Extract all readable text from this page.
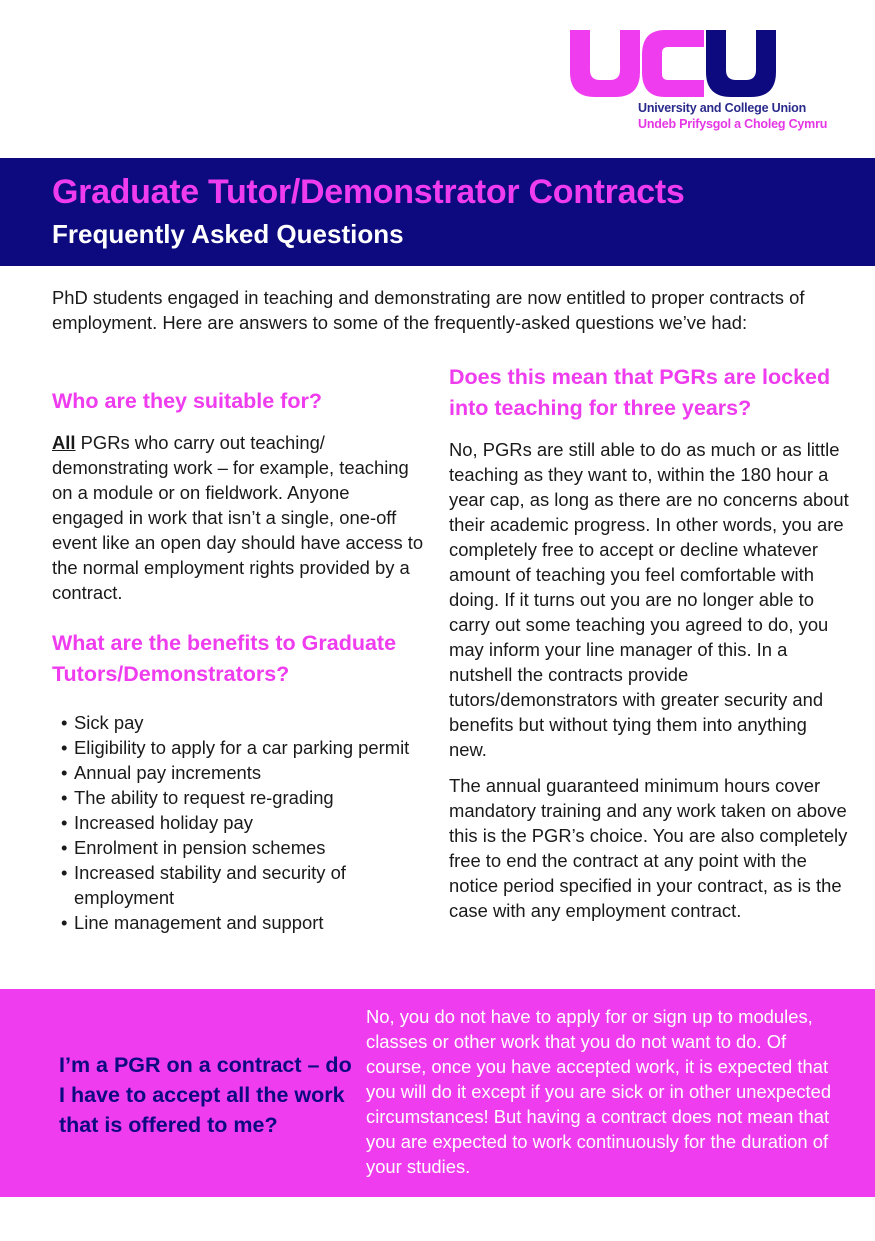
University and College Union
Undeb Prifysgol a Choleg Cymru
Graduate Tutor/Demonstrator Contracts
Frequently Asked Questions

PhD students engaged in teaching and demonstrating are now entitled to proper contracts of employment. Here are answers to some of the frequently-asked questions we’ve had:

Who are they suitable for?

All PGRs who carry out teaching/ demonstrating work – for example, teaching on a module or on fieldwork. Anyone engaged in work that isn’t a single, one-off event like an open day should have access to the normal employment rights provided by a contract.

What are the benefits to Graduate Tutors/Demonstrators?
• Sick pay
• Eligibility to apply for a car parking permit
• Annual pay increments
• The ability to request re-grading
• Increased holiday pay
• Enrolment in pension schemes
• Increased stability and security of employment
• Line management and support
Does this mean that PGRs are locked into teaching for three years?

No, PGRs are still able to do as much or as little teaching as they want to, within the 180 hour a year cap, as long as there are no concerns about their academic progress. In other words, you are completely free to accept or decline whatever amount of teaching you feel comfortable with doing. If it turns out you are no longer able to carry out some teaching you agreed to do, you may inform your line manager of this. In a nutshell the contracts provide tutors/demonstrators with greater security and benefits but without tying them into anything new.

The annual guaranteed minimum hours cover mandatory training and any work taken on above this is the PGR’s choice. You are also completely free to end the contract at any point with the notice period specified in your contract, as is the case with any employment contract.

I’m a PGR on a contract – do I have to accept all the work that is offered to me?

No, you do not have to apply for or sign up to modules, classes or other work that you do not want to do. Of course, once you have accepted work, it is expected that you will do it except if you are sick or in other unexpected circumstances! But having a contract does not mean that you are expected to work continuously for the duration of your studies.
